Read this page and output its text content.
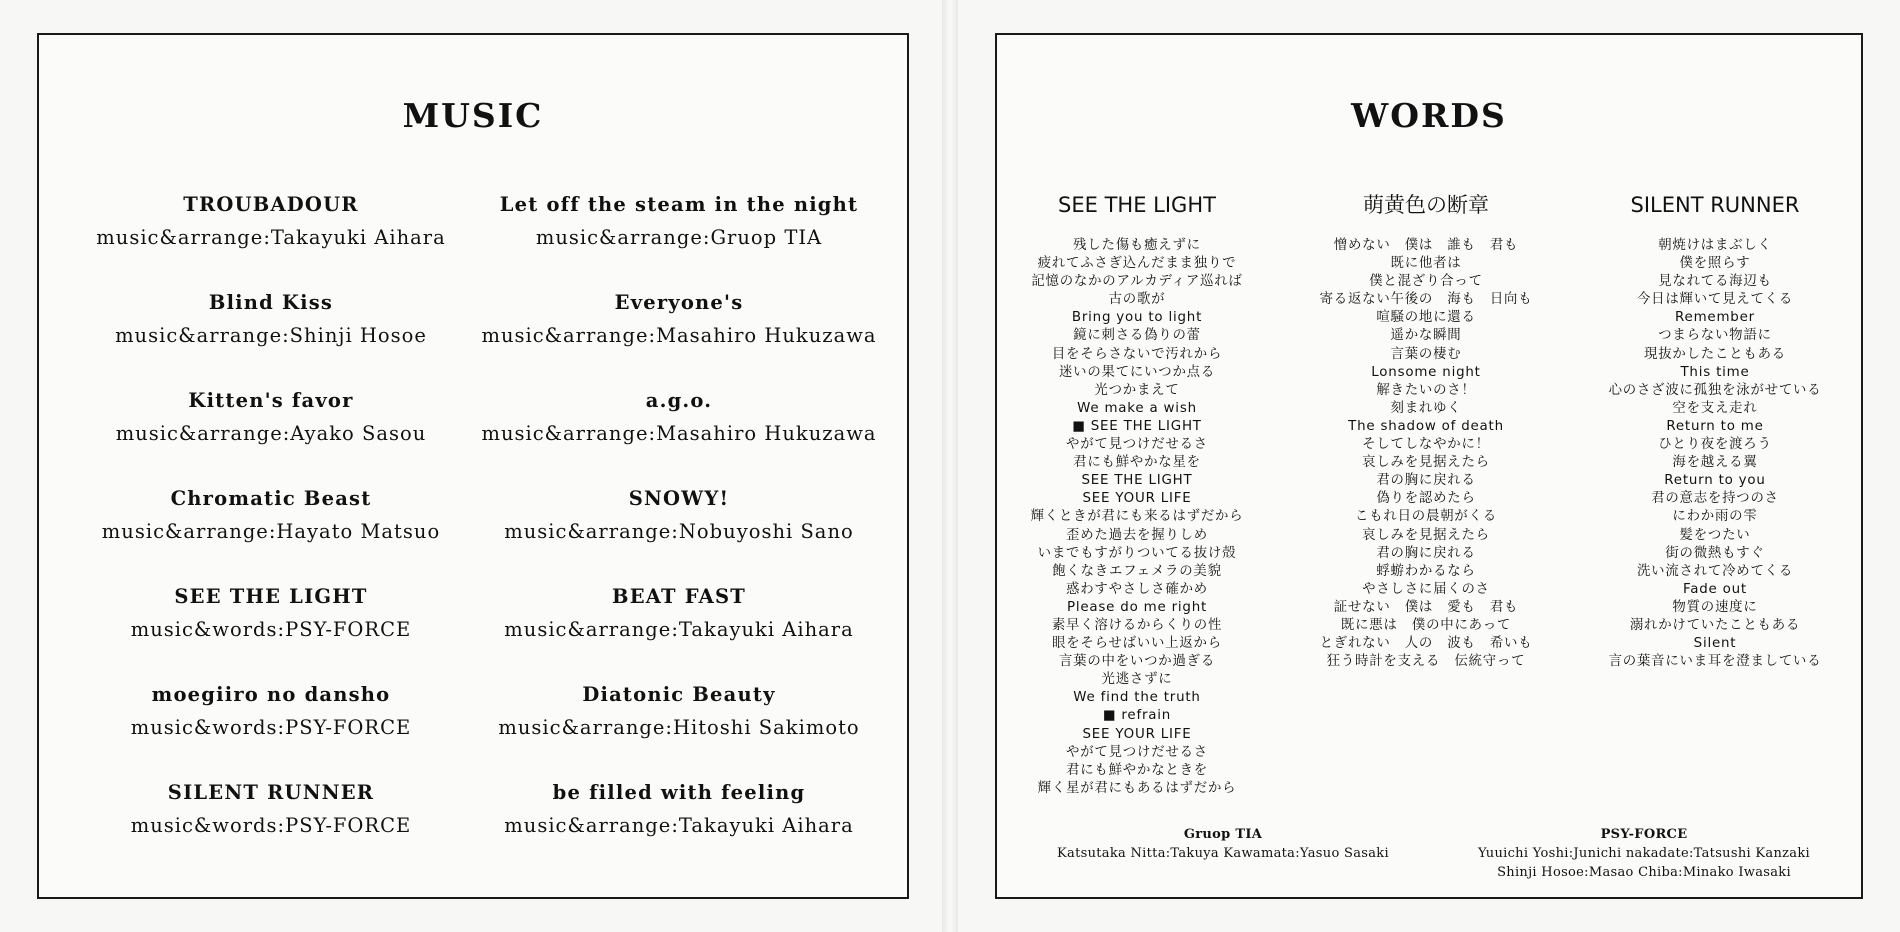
MUSIC
TROUBADOUR
music&arrange:Takayuki Aihara
Blind Kiss
music&arrange:Shinji Hosoe
Kitten's favor
music&arrange:Ayako Sasou
Chromatic Beast
music&arrange:Hayato Matsuo
SEE THE LIGHT
music&words:PSY-FORCE
moegiiro no dansho
music&words:PSY-FORCE
SILENT RUNNER
music&words:PSY-FORCE
Let off the steam in the night
music&arrange:Gruop TIA
Everyone's
music&arrange:Masahiro Hukuzawa
a.g.o.
music&arrange:Masahiro Hukuzawa
SNOWY!
music&arrange:Nobuyoshi Sano
BEAT FAST
music&arrange:Takayuki Aihara
Diatonic Beauty
music&arrange:Hitoshi Sakimoto
be filled with feeling
music&arrange:Takayuki Aihara
WORDS
SEE THE LIGHT
残した傷も癒えずに
疲れてふさぎ込んだまま独りで
記憶のなかのアルカディア巡れば
古の歌が
Bring you to light
鏡に刺さる偽りの蕾
目をそらさないで汚れから
迷いの果てにいつか点る
光つかまえて
We make a wish
■ SEE THE LIGHT
やがて見つけだせるさ
君にも鮮やかな星を
SEE THE LIGHT
SEE YOUR LIFE
輝くときが君にも来るはずだから
歪めた過去を握りしめ
いまでもすがりついてる抜け殻
飽くなきエフェメラの美貌
惑わすやさしさ確かめ
Please do me right
素早く溶けるからくりの性
眼をそらせばいい上返から
言葉の中をいつか過ぎる
光逃さずに
We find the truth
■ refrain
SEE YOUR LIFE
やがて見つけだせるさ
君にも鮮やかなときを
輝く星が君にもあるはずだから
萌黄色の断章
憎めない　僕は　誰も　君も
既に他者は
僕と混ざり合って
寄る返ない午後の　海も　日向も
喧騒の地に還る
遥かな瞬間
言葉の棲む
Lonsome night
解きたいのさ！
刻まれゆく
The shadow of death
そしてしなやかに！
哀しみを見据えたら
君の胸に戻れる
偽りを認めたら
こもれ日の晨朝がくる
哀しみを見据えたら
君の胸に戻れる
蜉蝣わかるなら
やさしさに届くのさ
証せない　僕は　愛も　君も
既に悪は　僕の中にあって
とぎれない　人の　波も　希いも
狂う時計を支える　伝統守って
SILENT RUNNER
朝焼けはまぶしく
僕を照らす
見なれてる海辺も
今日は輝いて見えてくる
Remember
つまらない物語に
現抜かしたこともある
This time
心のさざ波に孤独を泳がせている
空を支え走れ
Return to me
ひとり夜を渡ろう
海を越える翼
Return to you
君の意志を持つのさ
にわか雨の雫
髪をつたい
街の微熱もすぐ
洗い流されて冷めてくる
Fade out
物質の速度に
溺れかけていたこともある
Silent
言の葉音にいま耳を澄ましている
Gruop TIA
Katsutaka Nitta:Takuya Kawamata:Yasuo Sasaki
PSY-FORCE
Yuuichi Yoshi:Junichi nakadate:Tatsushi Kanzaki
Shinji Hosoe:Masao Chiba:Minako Iwasaki
